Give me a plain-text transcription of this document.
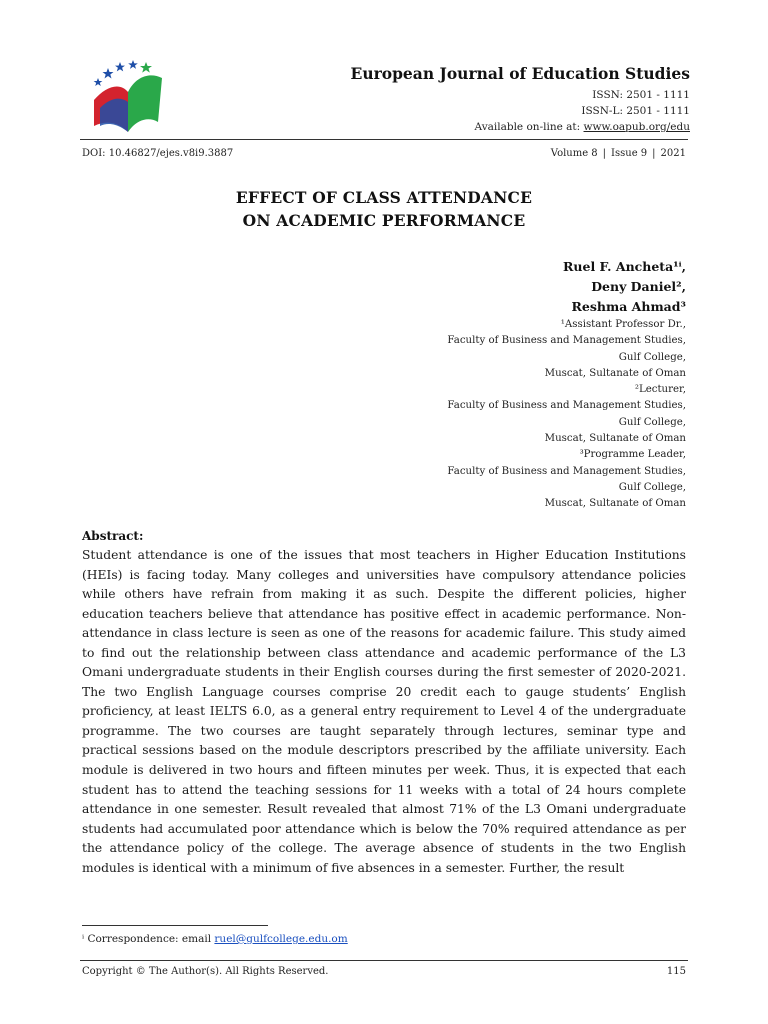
European Journal of Education Studies
ISSN: 2501 - 1111
ISSN-L: 2501 - 1111
Available on-line at: www.oapub.org/edu
DOI: 10.46827/ejes.v8i9.3887	Volume 8 | Issue 9 | 2021
EFFECT OF CLASS ATTENDANCE
ON ACADEMIC PERFORMANCE
Ruel F. Ancheta¹ⁱ,
Deny Daniel²,
Reshma Ahmad³
¹Assistant Professor Dr.,
Faculty of Business and Management Studies,
Gulf College,
Muscat, Sultanate of Oman
²Lecturer,
Faculty of Business and Management Studies,
Gulf College,
Muscat, Sultanate of Oman
³Programme Leader,
Faculty of Business and Management Studies,
Gulf College,
Muscat, Sultanate of Oman
Abstract:

Student attendance is one of the issues that most teachers in Higher Education Institutions (HEIs) is facing today. Many colleges and universities have compulsory attendance policies while others have refrain from making it as such. Despite the different policies, higher education teachers believe that attendance has positive effect in academic performance. Non-attendance in class lecture is seen as one of the reasons for academic failure. This study aimed to find out the relationship between class attendance and academic performance of the L3 Omani undergraduate students in their English courses during the first semester of 2020-2021. The two English Language courses comprise 20 credit each to gauge students’ English proficiency, at least IELTS 6.0, as a general entry requirement to Level 4 of the undergraduate programme. The two courses are taught separately through lectures, seminar type and practical sessions based on the module descriptors prescribed by the affiliate university. Each module is delivered in two hours and fifteen minutes per week. Thus, it is expected that each student has to attend the teaching sessions for 11 weeks with a total of 24 hours complete attendance in one semester. Result revealed that almost 71% of the L3 Omani undergraduate students had accumulated poor attendance which is below the 70% required attendance as per the attendance policy of the college. The average absence of students in the two English modules is identical with a minimum of five absences in a semester. Further, the result

ⁱ Correspondence: email ruel@gulfcollege.edu.om
Copyright © The Author(s). All Rights Reserved.	115
